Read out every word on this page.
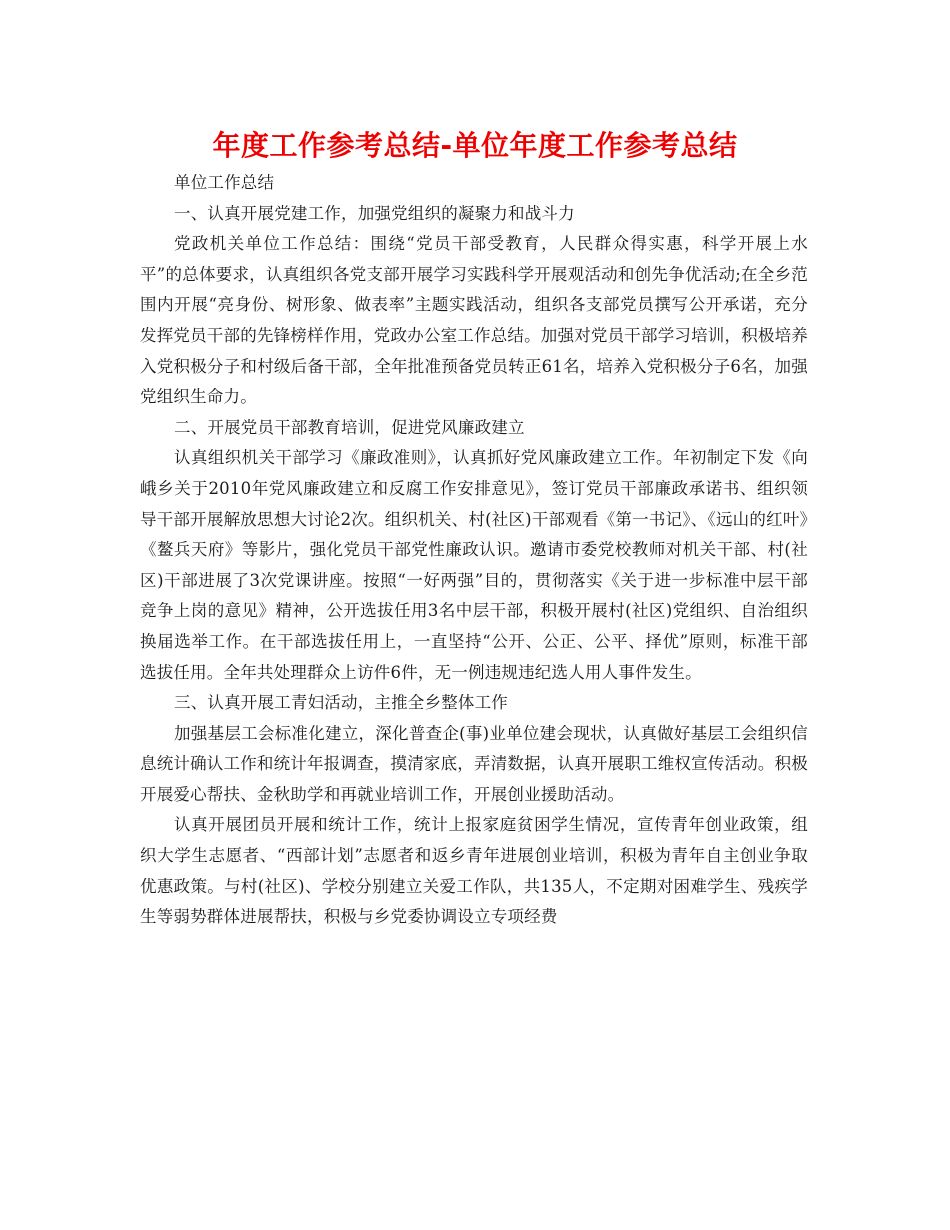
年度工作参考总结-单位年度工作参考总结

单位工作总结

一、认真开展党建工作，加强党组织的凝聚力和战斗力

党政机关单位工作总结：围绕“党员干部受教育，人民群众得实惠，科学开展上水平”的总体要求，认真组织各党支部开展学习实践科学开展观活动和创先争优活动;在全乡范围内开展“亮身份、树形象、做表率”主题实践活动，组织各支部党员撰写公开承诺，充分发挥党员干部的先锋榜样作用，党政办公室工作总结。加强对党员干部学习培训，积极培养入党积极分子和村级后备干部，全年批准预备党员转正61名，培养入党积极分子6名，加强党组织生命力。

二、开展党员干部教育培训，促进党风廉政建立

认真组织机关干部学习《廉政准则》，认真抓好党风廉政建立工作。年初制定下发《向峨乡关于2010年党风廉政建立和反腐工作安排意见》，签订党员干部廉政承诺书、组织领导干部开展解放思想大讨论2次。组织机关、村(社区)干部观看《第一书记》、《远山的红叶》《鳌兵天府》等影片，强化党员干部党性廉政认识。邀请市委党校教师对机关干部、村(社区)干部进展了3次党课讲座。按照“一好两强”目的，贯彻落实《关于进一步标准中层干部竞争上岗的意见》精神，公开选拔任用3名中层干部，积极开展村(社区)党组织、自治组织换届选举工作。在干部选拔任用上，一直坚持“公开、公正、公平、择优”原则，标准干部选拔任用。全年共处理群众上访件6件，无一例违规违纪选人用人事件发生。

三、认真开展工青妇活动，主推全乡整体工作

加强基层工会标准化建立，深化普查企(事)业单位建会现状，认真做好基层工会组织信息统计确认工作和统计年报调查，摸清家底，弄清数据，认真开展职工维权宣传活动。积极开展爱心帮扶、金秋助学和再就业培训工作，开展创业援助活动。

认真开展团员开展和统计工作，统计上报家庭贫困学生情况，宣传青年创业政策，组织大学生志愿者、“西部计划”志愿者和返乡青年进展创业培训，积极为青年自主创业争取优惠政策。与村(社区)、学校分别建立关爱工作队，共135人，不定期对困难学生、残疾学生等弱势群体进展帮扶，积极与乡党委协调设立专项经费
